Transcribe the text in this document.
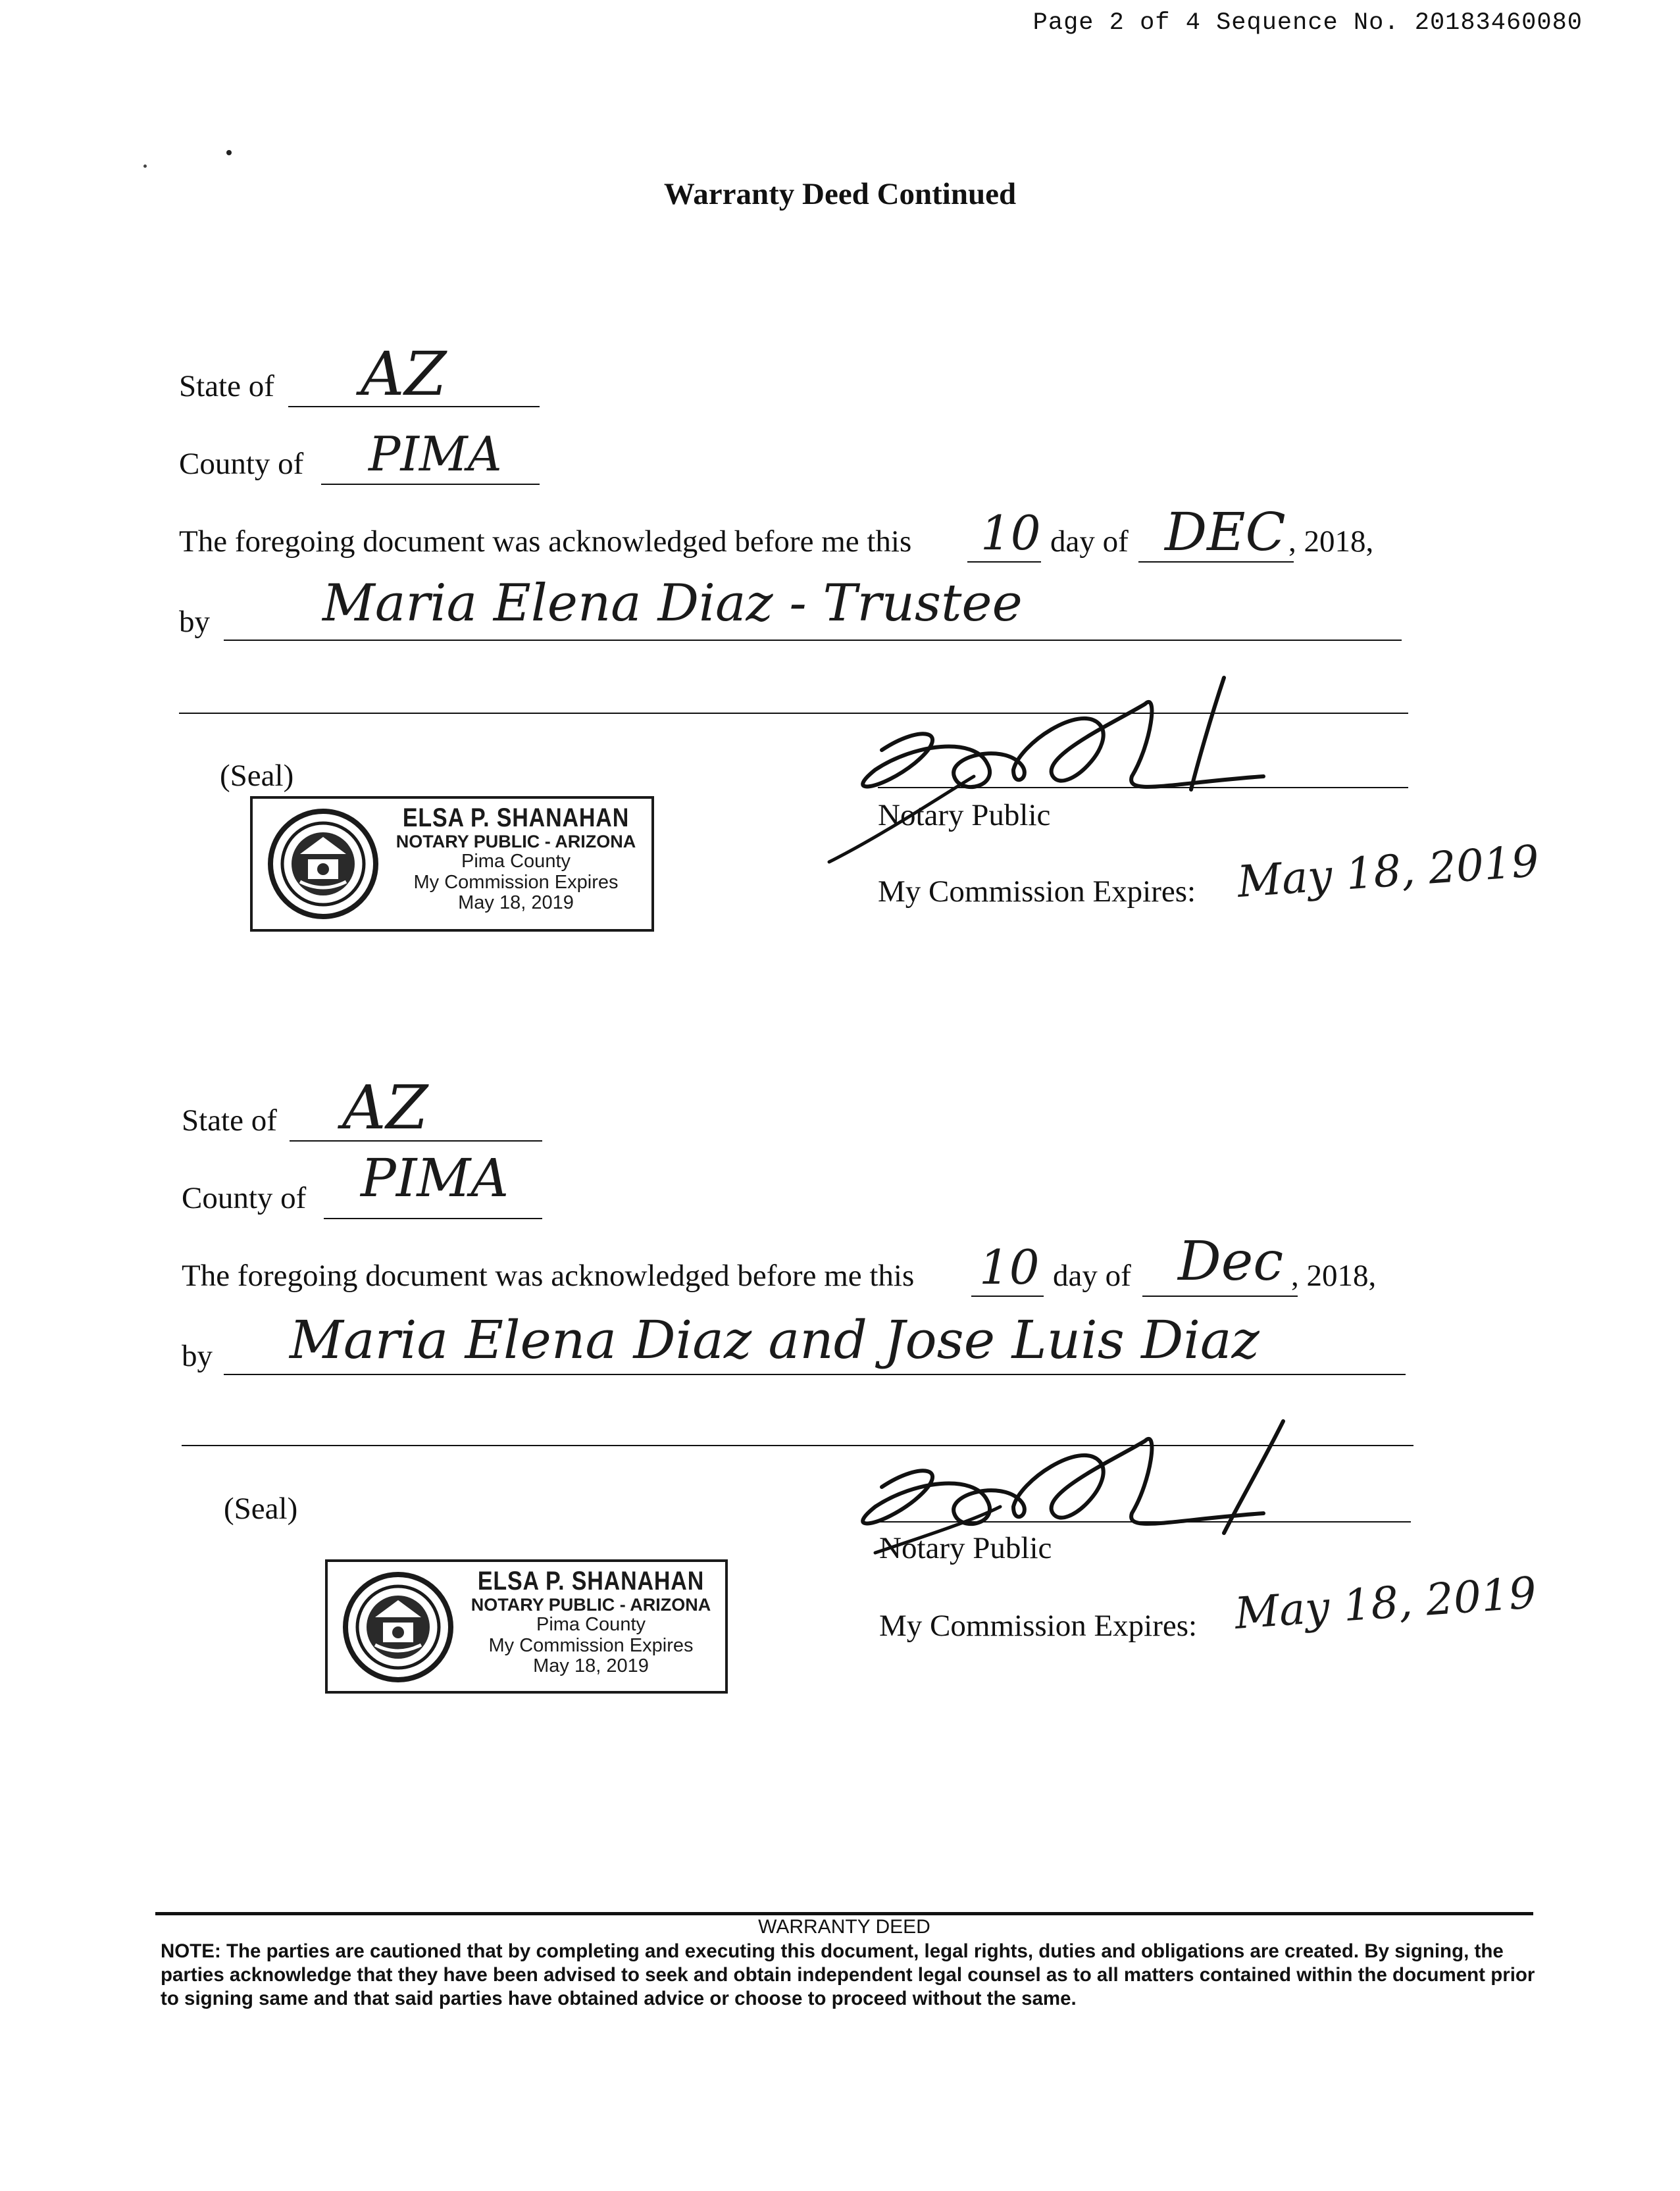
Page 2 of 4 Sequence No. 20183460080
Warranty Deed Continued
State of AZ
County of PIMA
The foregoing document was acknowledged before me this 10 day of DEC , 2018,
by Maria Elena Diaz - Trustee
(Seal)
ELSA P. SHANAHAN
NOTARY PUBLIC - ARIZONA
Pima County
My Commission Expires
May 18, 2019
Notary Public
My Commission Expires: May 18, 2019
State of AZ
County of PIMA
The foregoing document was acknowledged before me this 10 day of Dec , 2018,
by Maria Elena Diaz and Jose Luis Diaz
(Seal)
ELSA P. SHANAHAN
NOTARY PUBLIC - ARIZONA
Pima County
My Commission Expires
May 18, 2019
Notary Public
My Commission Expires: May 18, 2019
WARRANTY DEED
NOTE: The parties are cautioned that by completing and executing this document, legal rights, duties and obligations are created. By signing, the parties acknowledge that they have been advised to seek and obtain independent legal counsel as to all matters contained within the document prior to signing same and that said parties have obtained advice or choose to proceed without the same.
